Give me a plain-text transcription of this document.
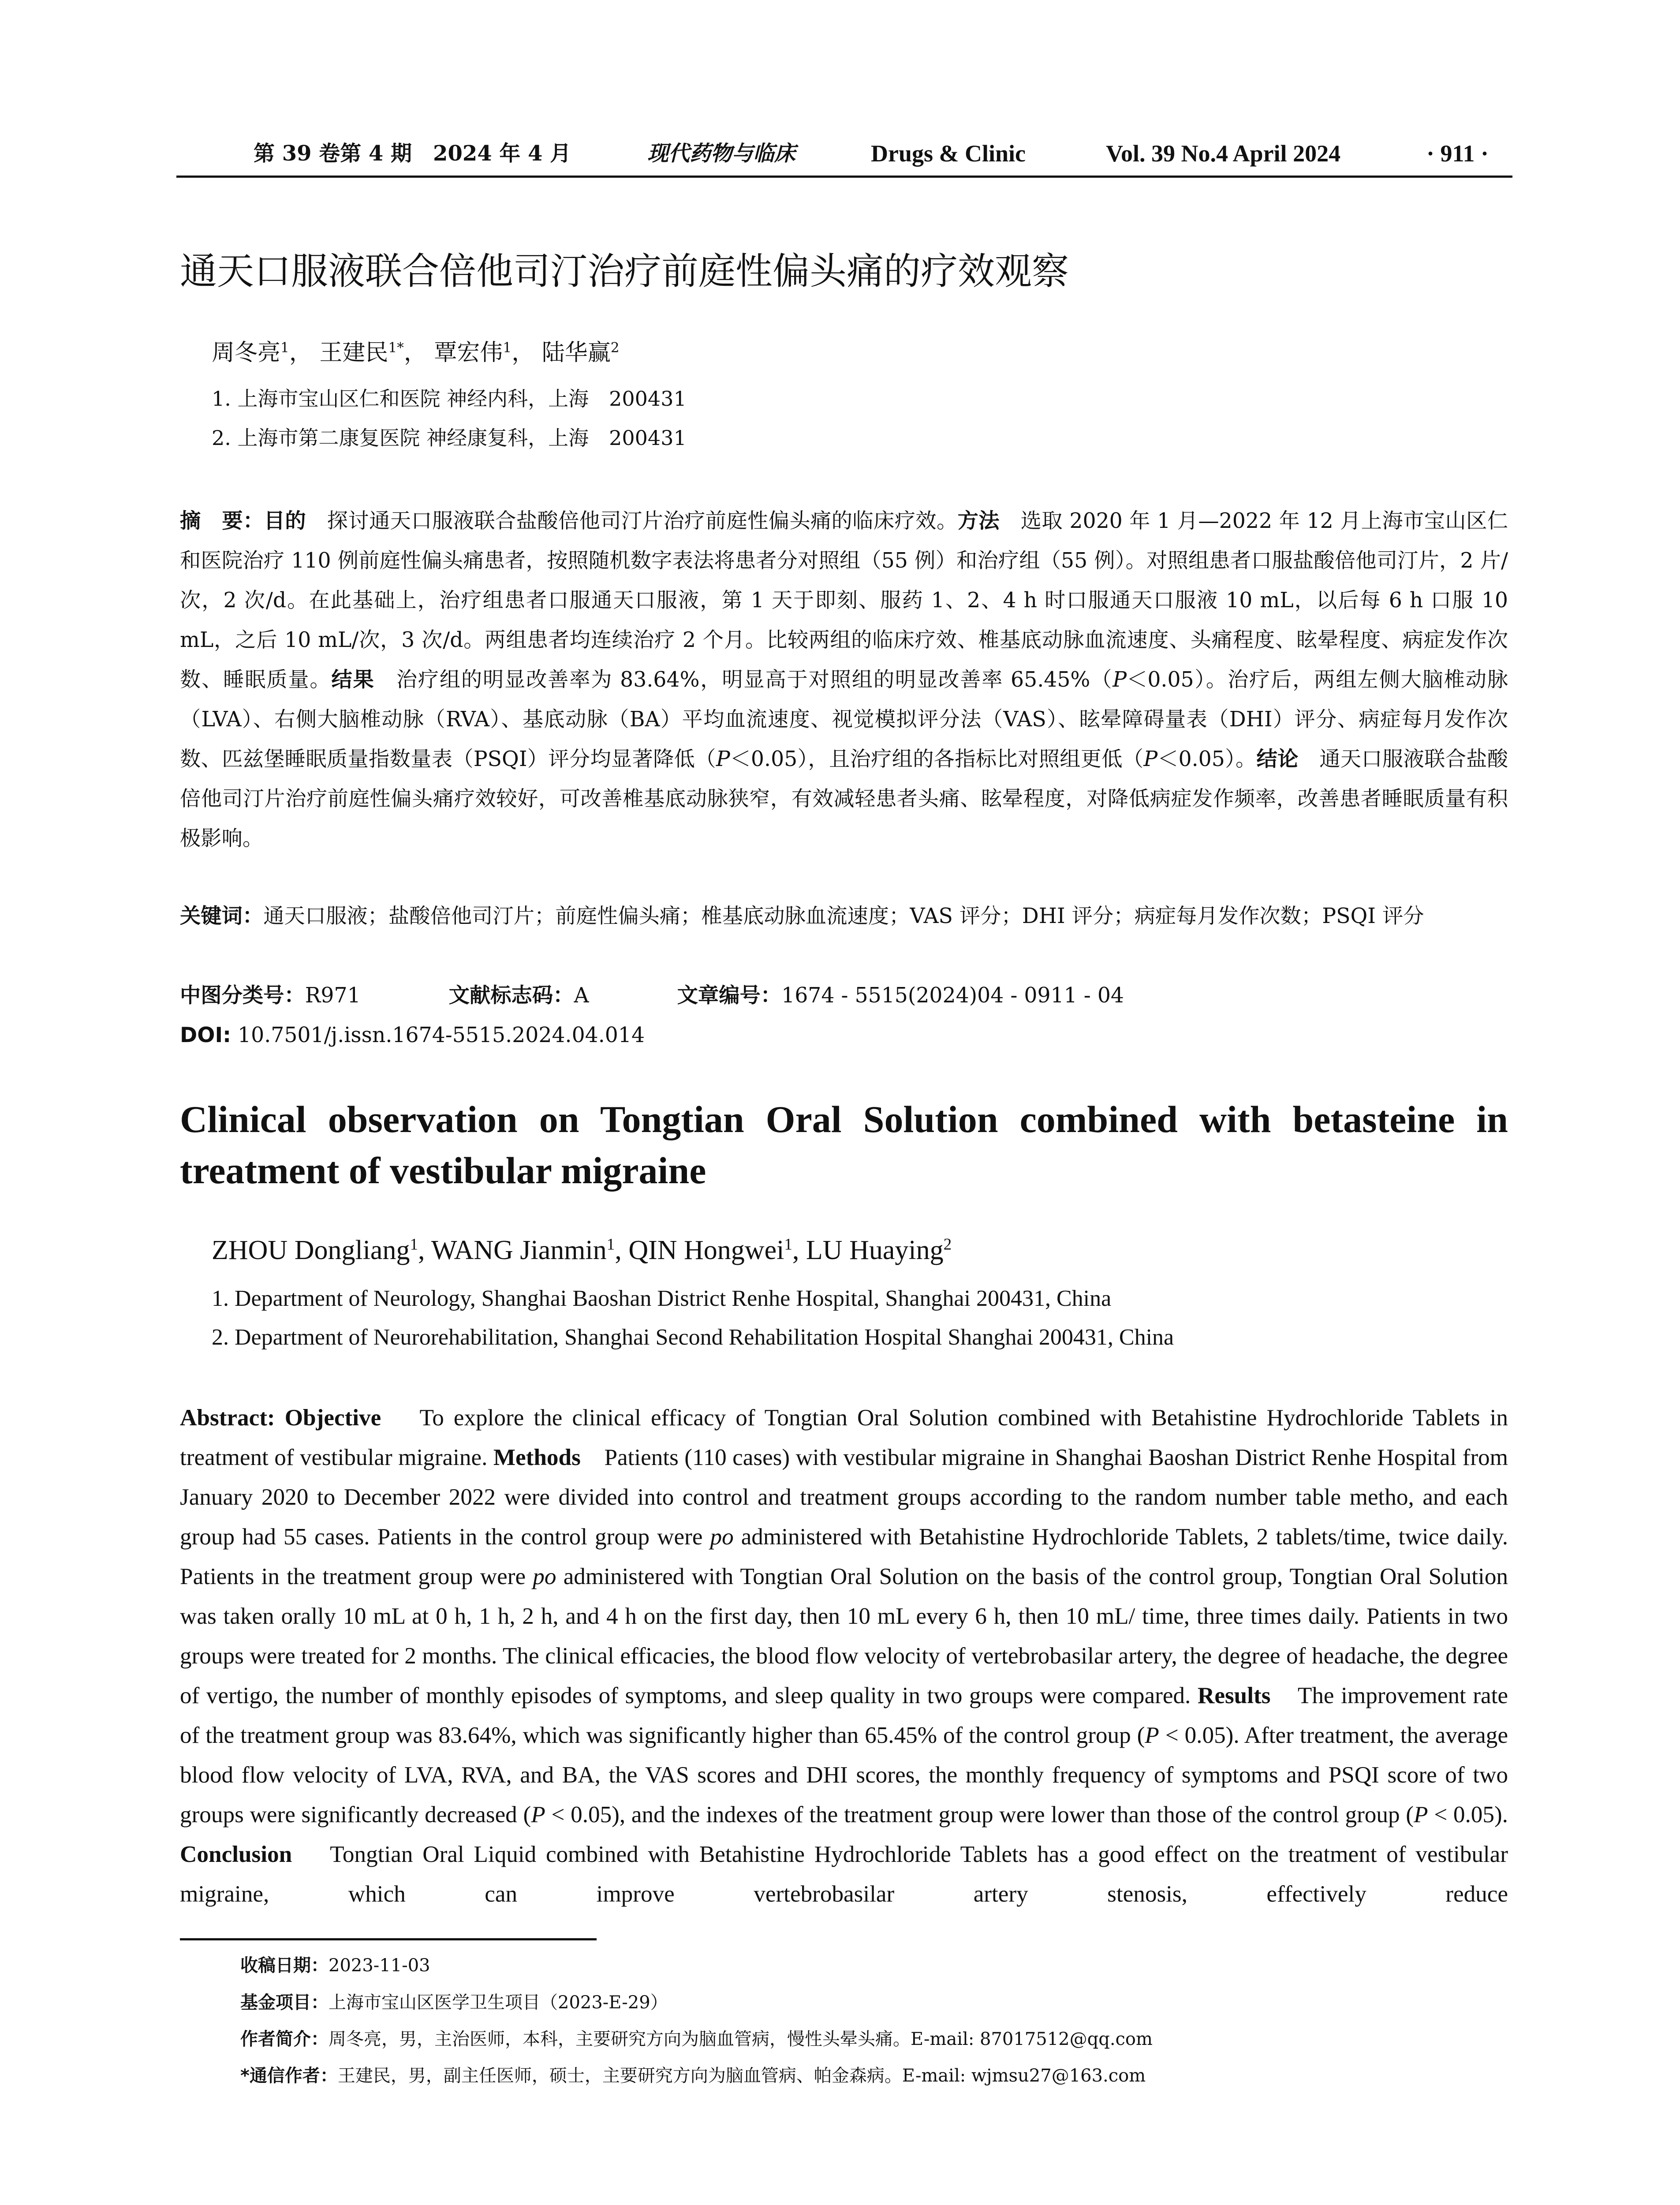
第 39 卷第 4 期　2024 年 4 月	现代药物与临床	Drugs & Clinic	Vol. 39 No.4 April 2024	· 911 ·
通天口服液联合倍他司汀治疗前庭性偏头痛的疗效观察
周冬亮$^1$， 王建民$^{1*}$， 覃宏伟$^1$， 陆华赢$^2$
1. 上海市宝山区仁和医院 神经内科，上海　200431
2. 上海市第二康复医院 神经康复科，上海　200431
摘　要：目的　 探讨通天口服液联合盐酸倍他司汀片治疗前庭性偏头痛的临床疗效。方法　 选取 2020 年 1 月—2022 年 12 月上海市宝山区仁和医院治疗 110 例前庭性偏头痛患者，按照随机数字表法将患者分对照组（55 例）和治疗组（55 例）。对照组患者口服盐酸倍他司汀片，2 片/次，2 次/d。在此基础上，治疗组患者口服通天口服液，第 1 天于即刻、服药 1、2、4 h 时口服通天口服液 10 mL，以后每 6 h 口服 10 mL，之后 10 mL/次，3 次/d。两组患者均连续治疗 2 个月。比较两组的临床疗效、椎基底动脉血流速度、头痛程度、眩晕程度、病症发作次数、睡眠质量。结果　 治疗组的明显改善率为 83.64%，明显高于对照组的明显改善率 65.45%（P＜0.05）。治疗后，两组左侧大脑椎动脉（LVA）、右侧大脑椎动脉（RVA）、基底动脉（BA）平均血流速度、视觉模拟评分法（VAS）、眩晕障碍量表（DHI）评分、病症每月发作次数、匹兹堡睡眠质量指数量表（PSQI）评分均显著降低（P＜0.05），且治疗组的各指标比对照组更低（P＜0.05）。结论　 通天口服液联合盐酸倍他司汀片治疗前庭性偏头痛疗效较好，可改善椎基底动脉狭窄，有效减轻患者头痛、眩晕程度，对降低病症发作频率，改善患者睡眠质量有积极影响。
关键词：通天口服液；盐酸倍他司汀片；前庭性偏头痛；椎基底动脉血流速度；VAS 评分；DHI 评分；病症每月发作次数；PSQI 评分
中图分类号：R971	文献标志码：A	文章编号：1674 - 5515(2024)04 - 0911 - 04
DOI: 10.7501/j.issn.1674-5515.2024.04.014
Clinical observation on Tongtian Oral Solution combined with betasteine in treatment of vestibular migraine
ZHOU Dongliang$^1$, WANG Jianmin$^1$, QIN Hongwei$^1$, LU Huaying$^2$
1. Department of Neurology, Shanghai Baoshan District Renhe Hospital, Shanghai 200431, China
2. Department of Neurorehabilitation, Shanghai Second Rehabilitation Hospital Shanghai 200431, China
Abstract: Objective To explore the clinical efficacy of Tongtian Oral Solution combined with Betahistine Hydrochloride Tablets in treatment of vestibular migraine. Methods Patients (110 cases) with vestibular migraine in Shanghai Baoshan District Renhe Hospital from January 2020 to December 2022 were divided into control and treatment groups according to the random number table metho, and each group had 55 cases. Patients in the control group were po administered with Betahistine Hydrochloride Tablets, 2 tablets/time, twice daily. Patients in the treatment group were po administered with Tongtian Oral Solution on the basis of the control group, Tongtian Oral Solution was taken orally 10 mL at 0 h, 1 h, 2 h, and 4 h on the first day, then 10 mL every 6 h, then 10 mL/ time, three times daily. Patients in two groups were treated for 2 months. The clinical efficacies, the blood flow velocity of vertebrobasilar artery, the degree of headache, the degree of vertigo, the number of monthly episodes of symptoms, and sleep quality in two groups were compared. Results The improvement rate of the treatment group was 83.64%, which was significantly higher than 65.45% of the control group (P < 0.05). After treatment, the average blood flow velocity of LVA, RVA, and BA, the VAS scores and DHI scores, the monthly frequency of symptoms and PSQI score of two groups were significantly decreased (P < 0.05), and the indexes of the treatment group were lower than those of the control group (P < 0.05). Conclusion Tongtian Oral Liquid combined with Betahistine Hydrochloride Tablets has a good effect on the treatment of vestibular migraine, which can improve vertebrobasilar artery stenosis, effectively reduce
收稿日期：2023-11-03
基金项目：上海市宝山区医学卫生项目（2023-E-29）
作者简介：周冬亮，男，主治医师，本科，主要研究方向为脑血管病，慢性头晕头痛。E-mail: 87017512@qq.com
*通信作者：王建民，男，副主任医师，硕士，主要研究方向为脑血管病、帕金森病。E-mail: wjmsu27@163.com
